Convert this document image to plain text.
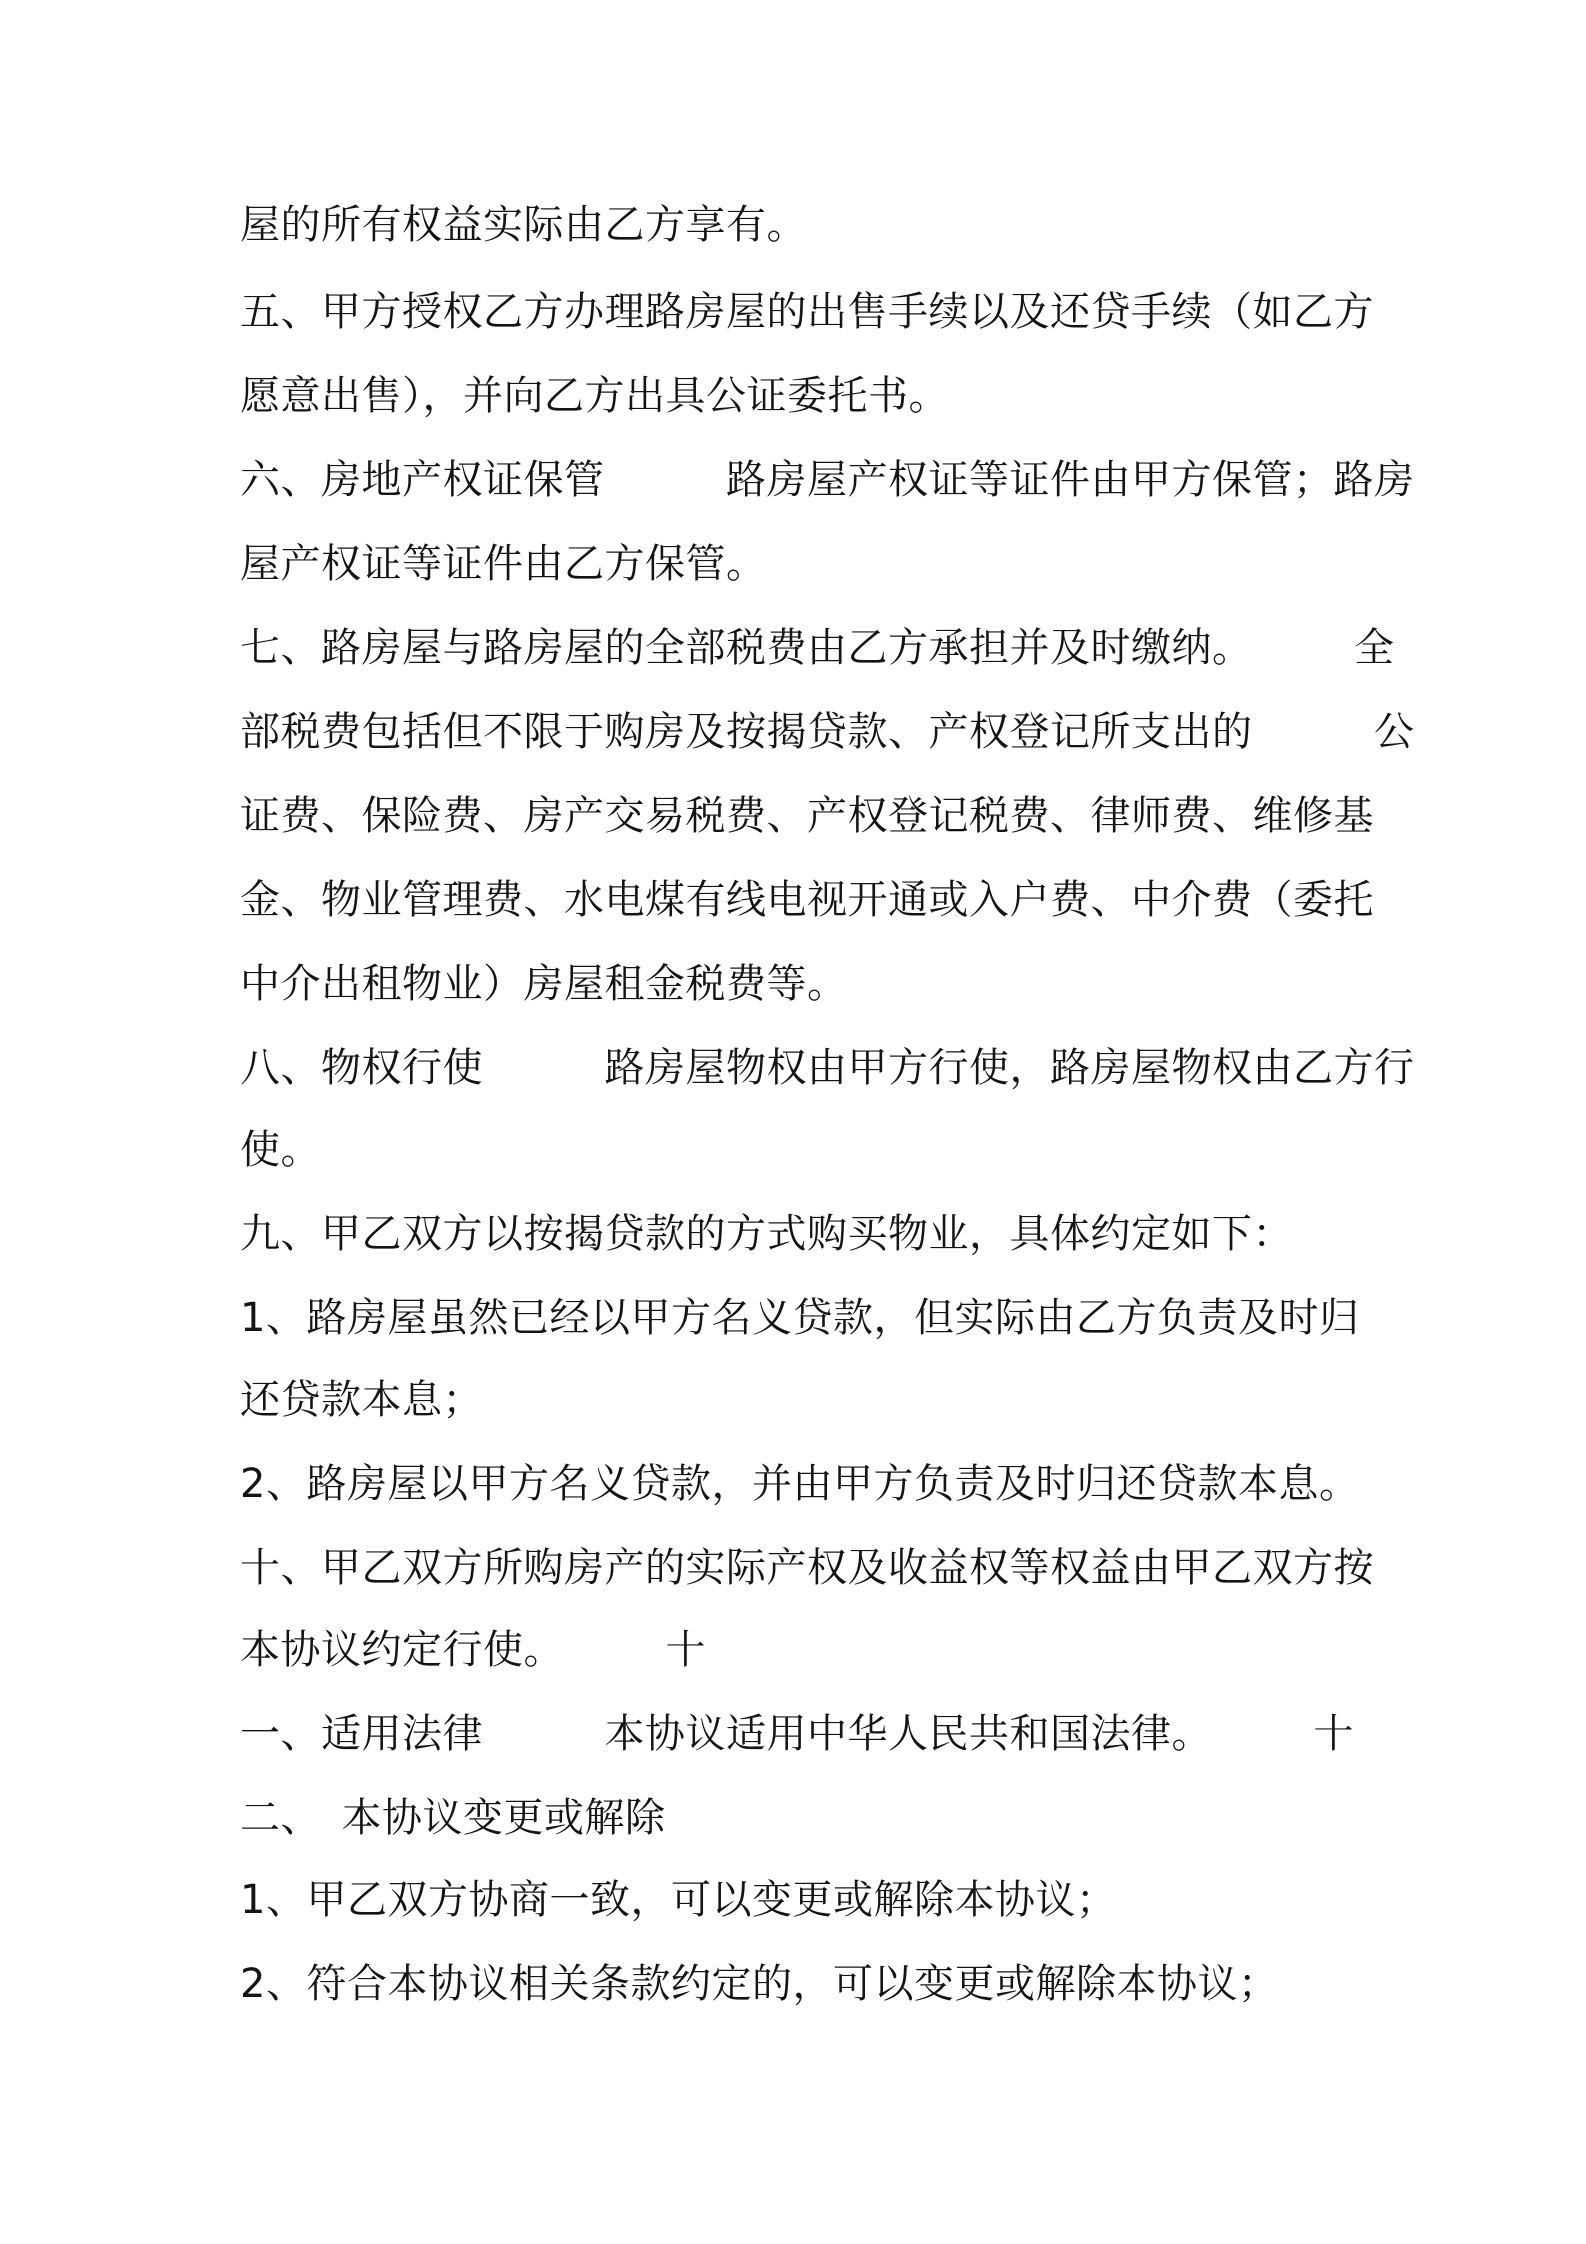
屋的所有权益实际由乙方享有。
五、甲方授权乙方办理路房屋的出售手续以及还贷手续（如乙方
愿意出售），并向乙方出具公证委托书。
六、房地产权证保管　　　路房屋产权证等证件由甲方保管；路房
屋产权证等证件由乙方保管。
七、路房屋与路房屋的全部税费由乙方承担并及时缴纳。　　　全
部税费包括但不限于购房及按揭贷款、产权登记所支出的　　　公
证费、保险费、房产交易税费、产权登记税费、律师费、维修基
金、物业管理费、水电煤有线电视开通或入户费、中介费（委托
中介出租物业）房屋租金税费等。
八、物权行使　　　路房屋物权由甲方行使，路房屋物权由乙方行
使。
九、甲乙双方以按揭贷款的方式购买物业，具体约定如下：
1、路房屋虽然已经以甲方名义贷款，但实际由乙方负责及时归
还贷款本息；
2、路房屋以甲方名义贷款，并由甲方负责及时归还贷款本息。
十、甲乙双方所购房产的实际产权及收益权等权益由甲乙双方按
本协议约定行使。　　　十
一、适用法律　　　本协议适用中华人民共和国法律。　　　十
二、　本协议变更或解除
1、甲乙双方协商一致，可以变更或解除本协议；
2、符合本协议相关条款约定的，可以变更或解除本协议；
